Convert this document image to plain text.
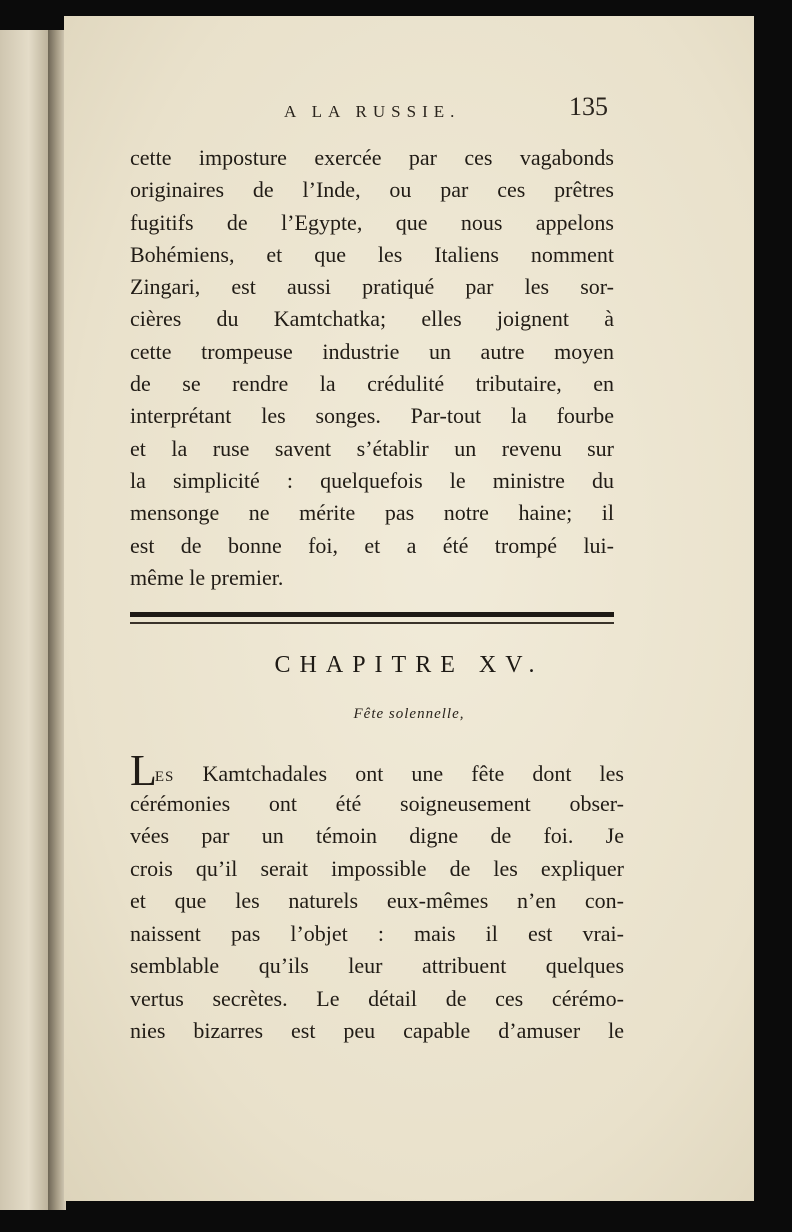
A LA RUSSIE.	135
cette imposture exercée par ces vagabonds
originaires de l’Inde, ou par ces prêtres
fugitifs de l’Egypte, que nous appelons
Bohémiens, et que les Italiens nomment
Zingari, est aussi pratiqué par les sor-
cières du Kamtchatka; elles joignent à
cette trompeuse industrie un autre moyen
de se rendre la crédulité tributaire, en
interprétant les songes. Par-tout la fourbe
et la ruse savent s’établir un revenu sur
la simplicité : quelquefois le ministre du
mensonge ne mérite pas notre haine; il
est de bonne foi, et a été trompé lui-
même le premier.
CHAPITRE XV.
Fête solennelle,
LES Kamtchadales ont une fête dont les
cérémonies ont été soigneusement obser-
vées par un témoin digne de foi. Je
crois qu’il serait impossible de les expliquer
et que les naturels eux-mêmes n’en con-
naissent pas l’objet : mais il est vrai-
semblable qu’ils leur attribuent quelques
vertus secrètes. Le détail de ces cérémo-
nies bizarres est peu capable d’amuser le
